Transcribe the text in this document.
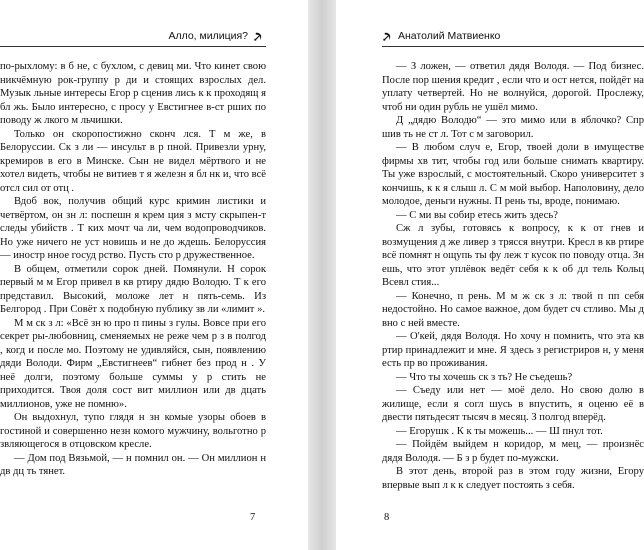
Алло, милиция?

по-рыхлому: в б не, с бухлом, с девиц ми. Что кинет свою никчёмную рок-группу р ди и стоящих взрослых дел. Музык льные интересы Егор р сценив лись к к проходящ я бл жь. Было интересно, с просу у Евстигнее в-ст рших по поводу ж лкого м льчишки.

Только он скоропостижно сконч лся. Т м же, в Белоруссии. Ск з ли — инсульт в р пной. Привезли урну, кремиров в его в Минске. Сын не видел мёртвого и не хотел видеть, чтобы не витиев т я железн я бл нк и, что всё отсл сил от отц .

Вдоб вок, получив общий курс кримин листики и четвёртом, он зн л: поспешн я крем ция з мсту скрыпен-т следы убийств . Т ких мочт ча ли, чем водопроводчиков. Но уже ничего не уст новишь и не до ждешь. Белоруссия — иностр нное госуд рство. Пусть сто р дружественное.

В общем, отметили сорок дней. Помянули. Н сорок первый м м Егор привел в кв ртиру дядю Володю. Т к его представил. Высокий, моложе лет н пять-семь. Из Белгород . При Совёт х подобную публику зв ли «лимит ».

М м ск з л: «Всё зн ю про п пины з гулы. Вовсе при его секрет ры-любовниц, сменяемых не реже чем р з в полгод , когд и после мо. Поэтому не удивляйся, сын, появлению дяди Володи. Фирм „Евстигнеев“ гибнет без прод н . У неё долги, поэтому больше суммы у р стить не приходится. Твоя доля сост вит миллион или дв дцать миллионов, уже не помню».

Он выдохнул, тупо глядя н зн комые узоры обоев в гостиной и совершенно незн комого мужчину, вольготно р звляющегося в отцовском кресле.

— Дом под Вязьмой, — н помнил он. — Он миллион н дв дц ть тянет.

7
Анатолий Матвиенко

— З ложен, — ответил дядя Володя. — Под бизнес. После пор шения кредит , если что и ост нется, пойдёт на уплату четвертей. Но не волнуйся, дорогой. Прослежу, чтоб ни один рубль не ушёл мимо.

Д „дядю Володю“ — это мимо или в яблочко? Спр шив ть не ст л. Тот с м заговорил.

— В любом случ е, Егор, твоей доли в имуществе фирмы хв тит, чтобы год или больше снимать квартиру. Ты уже взрослый, с мостоятельный. Скоро университет з кончишь, к к я слыш л. С м мой выбор. Наполовину, дело молодое, деньги нужны. П рень ты, вроде, понимаю.

— С ми вы собир етесь жить здесь?

Сж л зубы, готовясь к вопросу, к к от гнев и возмущения д же ливер з трясся внутри. Кресл в кв ртире всё помнят н ощупь ты фу леж т кусок по поводу отца. Зн ешь, что этот уплёвок ведёт себя к к об дл тель Кольц Всевл стия...

— Конечно, п рень. М м ж ск з л: твой п пп себя недостойно. Но самое важное, дом будет сч стливо. Мы д вно с ней вместе.

— О'кей, дядя Володя. Но хочу н помнить, что эта кв ртир принадлежит и мне. Я здесь з регистриров н, у меня есть пр во проживания.

— Что ты хочешь ск з ть? Не съедешь?

— Съеду или нет — моё дело. Но свою долю в жилище, если я согл шусь в впустить, я оценю её в двести пятьдесят тысяч в месяц. З полгод вперёд.

— Егорушк . К к ты можешь... — Ш пнул тот.

— Пойдём выйдем н коридор, м мец, — произнёс дядя Володя. — Б з р будет по-мужски.

В этот день, второй раз в этом году жизни, Егору впервые вып л к к следует постоять з себя.

8
